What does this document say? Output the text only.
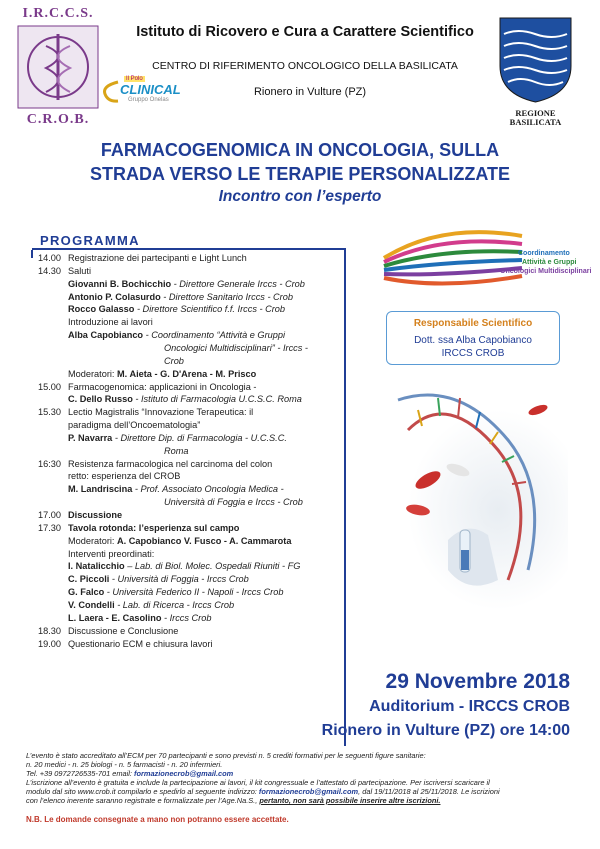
I.R.C.C.S.
C.R.O.B.
Il Polo
CLINICAL
Gruppo Onelas
Istituto di Ricovero e Cura a Carattere Scientifico
CENTRO DI RIFERIMENTO ONCOLOGICO DELLA BASILICATA
Rionero in Vulture (PZ)
REGIONE
BASILICATA
FARMACOGENOMICA IN ONCOLOGIA, SULLA
STRADA VERSO LE TERAPIE PERSONALIZZATE
Incontro con l’esperto
PROGRAMMA
14.00 Registrazione dei partecipanti e Light Lunch
14.30 Saluti
Giovanni B. Bochicchio - Direttore Generale Irccs - Crob
Antonio P. Colasurdo - Direttore Sanitario Irccs - Crob
Rocco Galasso - Direttore Scientifico f.f. Irccs - Crob
Introduzione ai lavori
Alba Capobianco - Coordinamento “Attività e Gruppi
Oncologici Multidisciplinari” - Irccs -
Crob
Moderatori: M. Aieta - G. D'Arena - M. Prisco
15.00 Farmacogenomica: applicazioni in Oncologia -
C. Dello Russo - Istituto di Farmacologia U.C.S.C. Roma
15.30 Lectio Magistralis “Innovazione Terapeutica: il
paradigma dell’Oncoematologia”
P. Navarra - Direttore Dip. di Farmacologia - U.C.S.C.
Roma
16:30 Resistenza farmacologica nel carcinoma del colon
retto: esperienza del CROB
M. Landriscina - Prof. Associato Oncologia Medica -
Università di Foggia e Irccs - Crob
17.00 Discussione
17.30 Tavola rotonda: l’esperienza sul campo
Moderatori: A. Capobianco V. Fusco - A. Cammarota
Interventi preordinati:
I. Natalicchio – Lab. di Biol. Molec. Ospedali Riuniti - FG
C. Piccoli - Università di Foggia - Irccs Crob
G. Falco - Università Federico II - Napoli - Irccs Crob
V. Condelli - Lab. di Ricerca - Irccs Crob
L. Laera - E. Casolino - Irccs Crob
18.30 Discussione e Conclusione
19.00 Questionario ECM e chiusura lavori
Coordinamento
Attività e Gruppi
Oncologici Multidisciplinari
Responsabile Scientifico
Dott. ssa Alba Capobianco
IRCCS CROB
29 Novembre 2018
Auditorium - IRCCS CROB
Rionero in Vulture (PZ) ore 14:00
L’evento è stato accreditato all’ECM per 70 partecipanti e sono previsti n. 5 crediti formativi per le seguenti figure sanitarie:
n. 20 medici - n. 25 biologi - n. 5 farmacisti - n. 20 infermieri.
Tel. +39 0972726535-701 email: formazionecrob@gmail.com
L’iscrizione all’evento è gratuita e include la partecipazione ai lavori, il kit congressuale e l’attestato di partecipazione. Per iscriversi scaricare il
modulo dal sito www.crob.it compilarlo e spedirlo al seguente indirizzo: formazionecrob@gmail.com, dal 19/11/2018 al 25/11/2018. Le iscrizioni
con l’elenco inerente saranno registrate e formalizzate per l’Age.Na.S., pertanto, non sarà possibile inserire altre iscrizioni.
N.B. Le domande consegnate a mano non potranno essere accettate.
